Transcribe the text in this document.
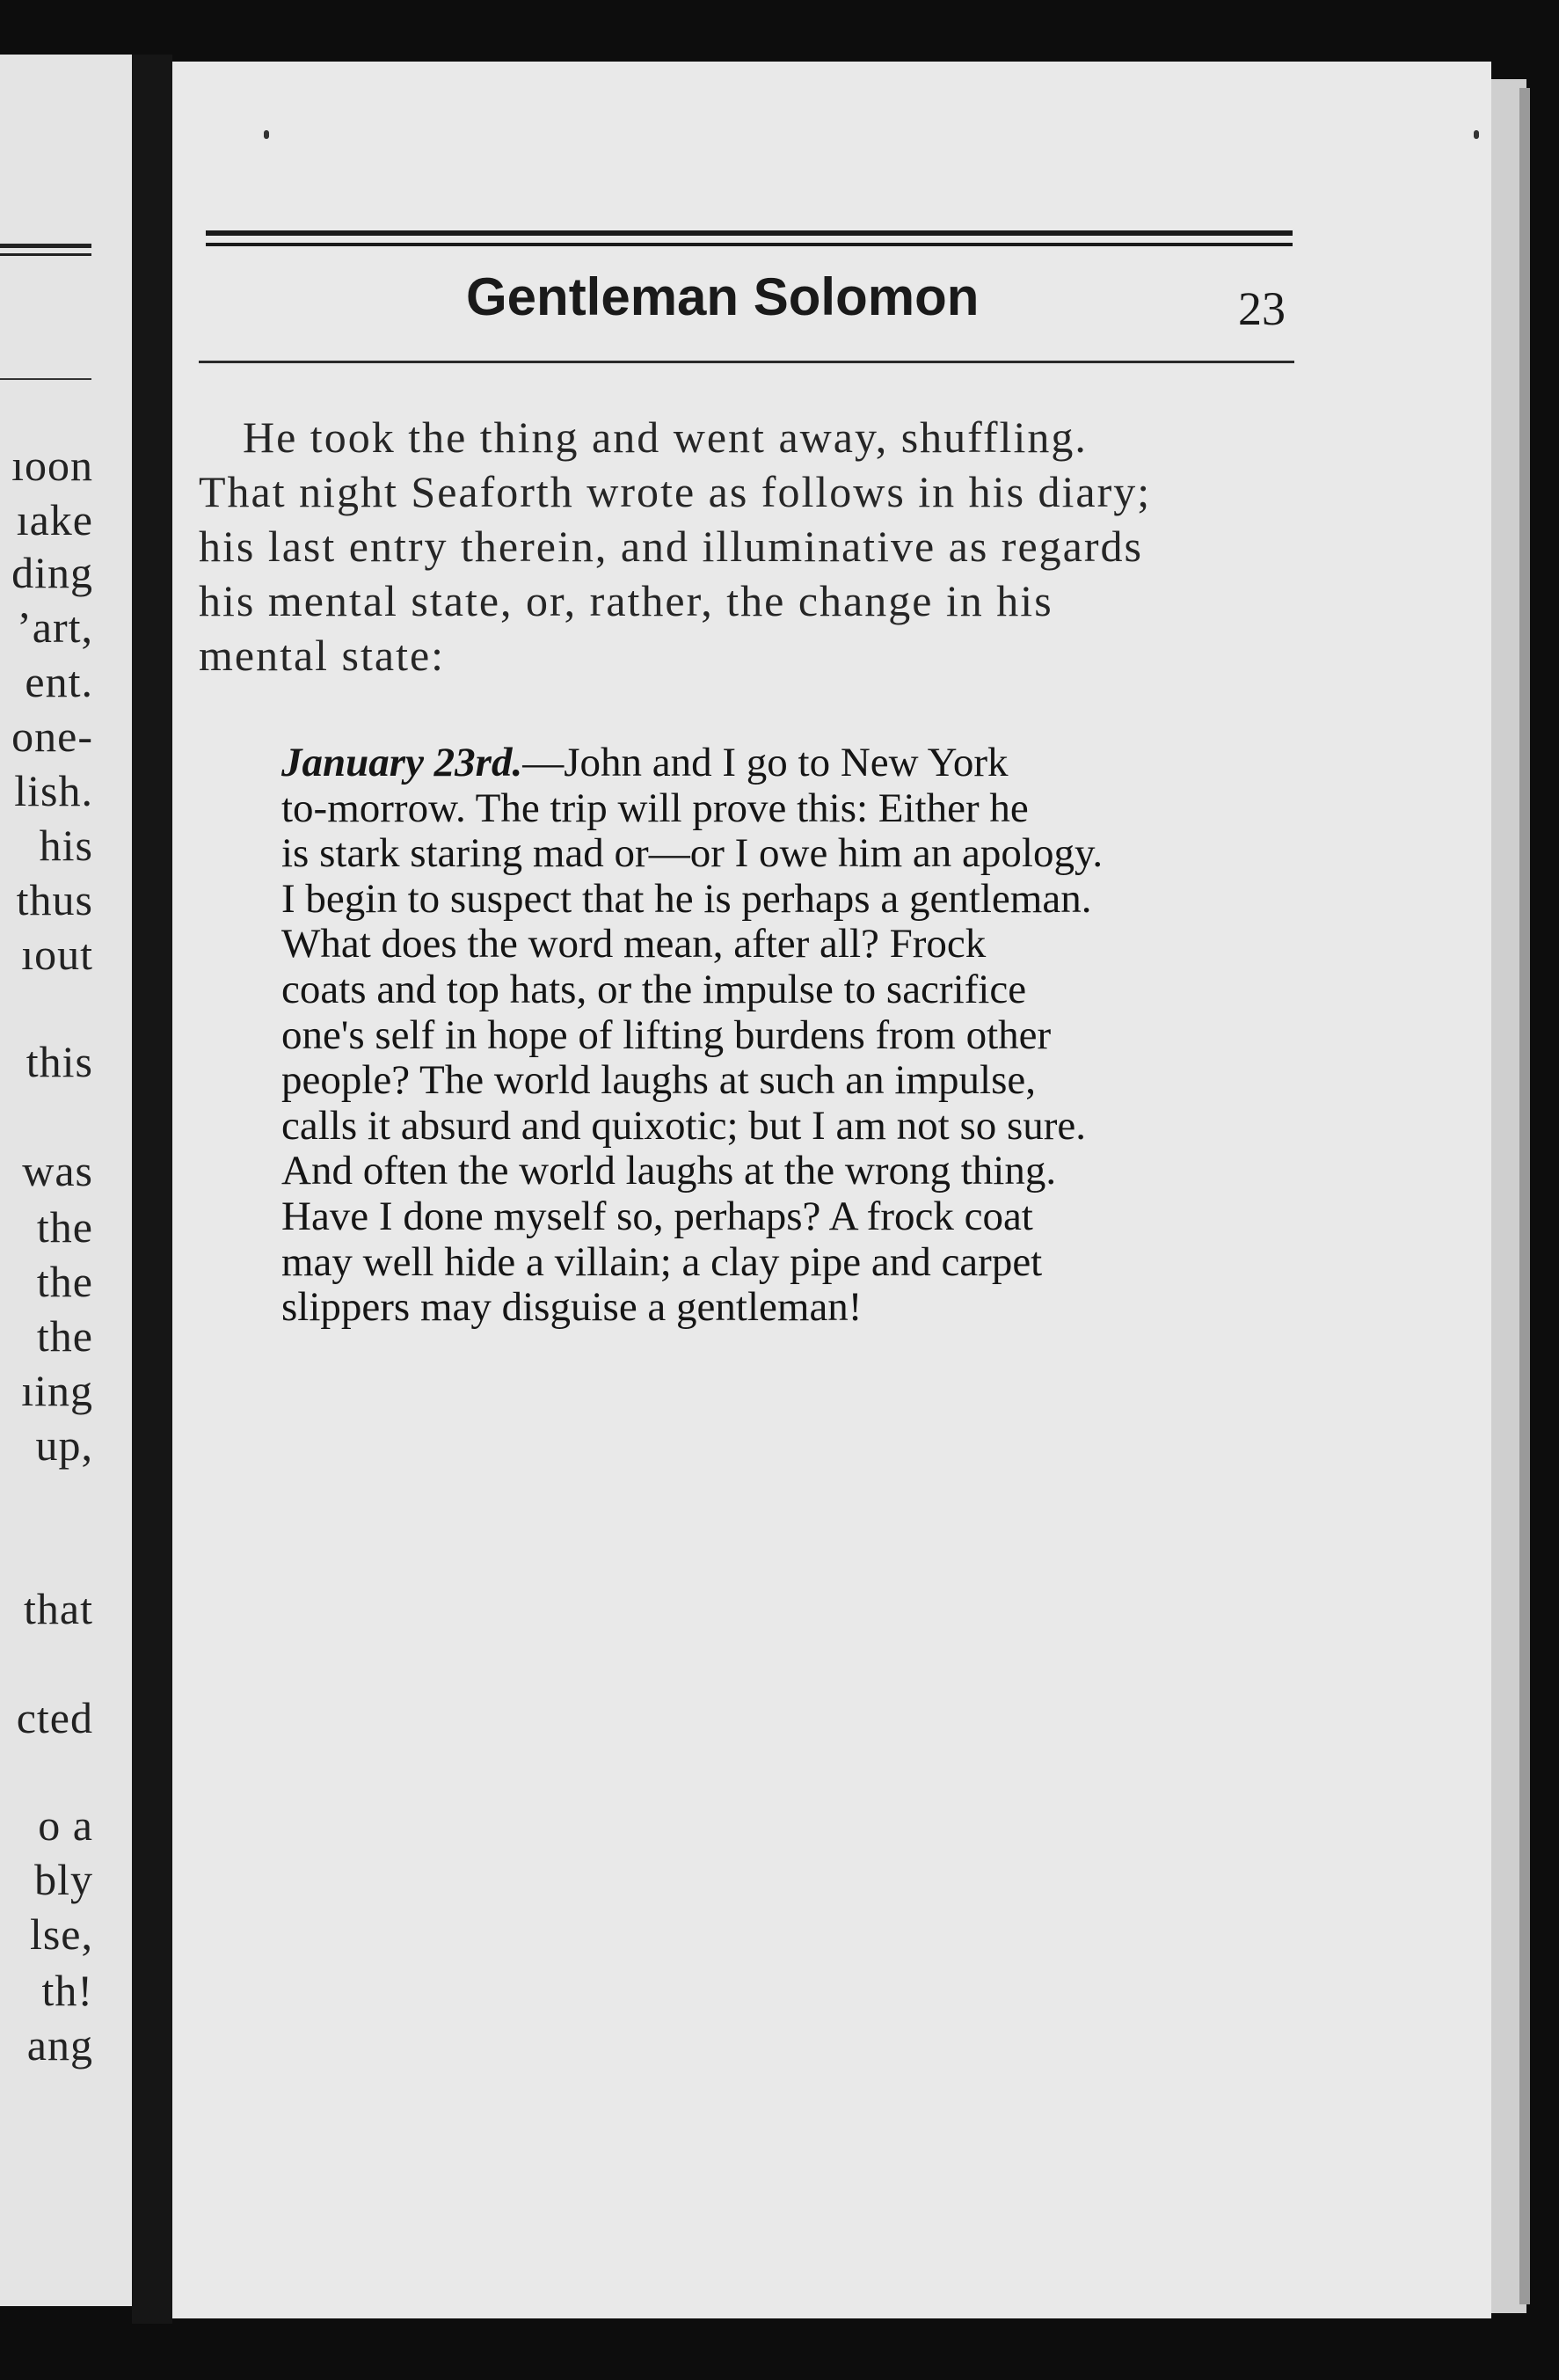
ıoon
ıake
ding
ʼart,
ent.
one-
lish.
his
thus
ıout
this
was
the
the
the
ıing
up,
that
cted
o a
bly
lse,
th!
ang
Gentleman Solomon	23
He took the thing and went away, shuffling.
That night Seaforth wrote as follows in his diary;
his last entry therein, and illuminative as regards
his mental state, or, rather, the change in his
mental state:
January 23rd.—John and I go to New York
to-morrow. The trip will prove this: Either he
is stark staring mad or—or I owe him an apology.
I begin to suspect that he is perhaps a gentleman.
What does the word mean, after all? Frock
coats and top hats, or the impulse to sacrifice
one's self in hope of lifting burdens from other
people? The world laughs at such an impulse,
calls it absurd and quixotic; but I am not so sure.
And often the world laughs at the wrong thing.
Have I done myself so, perhaps? A frock coat
may well hide a villain; a clay pipe and carpet
slippers may disguise a gentleman!
